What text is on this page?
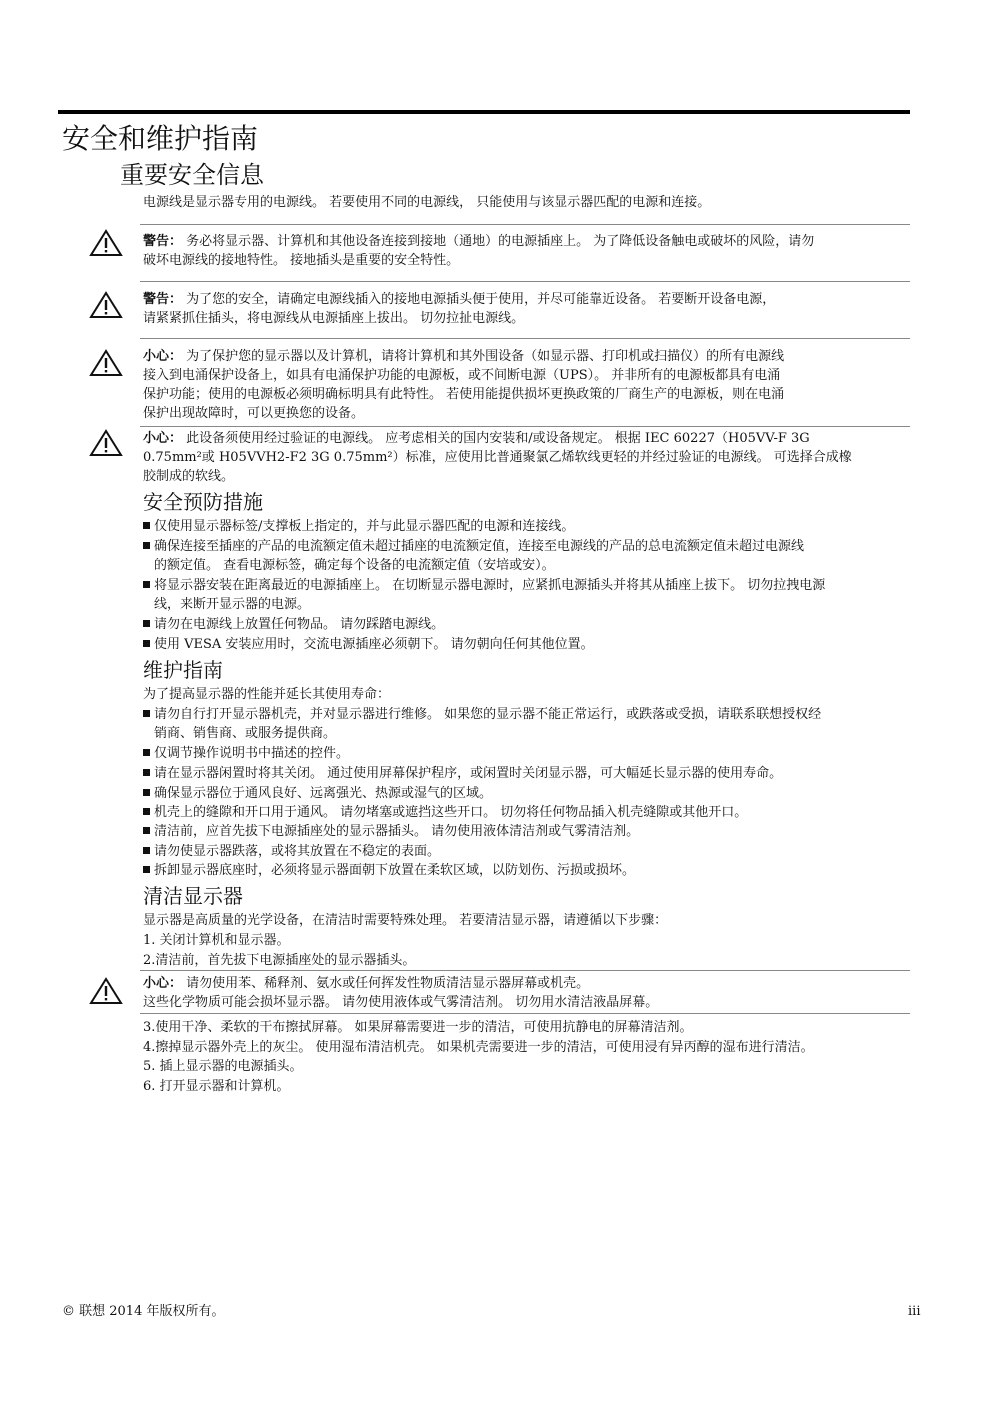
安全和维护指南
重要安全信息
电源线是显示器专用的电源线。 若要使用不同的电源线， 只能使用与该显示器匹配的电源和连接。
警告： 务必将显示器、计算机和其他设备连接到接地（通地）的电源插座上。 为了降低设备触电或破坏的风险，请勿
破坏电源线的接地特性。 接地插头是重要的安全特性。
警告： 为了您的安全，请确定电源线插入的接地电源插头便于使用，并尽可能靠近设备。 若要断开设备电源，
请紧紧抓住插头，将电源线从电源插座上拔出。 切勿拉扯电源线。
小心： 为了保护您的显示器以及计算机，请将计算机和其外围设备（如显示器、打印机或扫描仪）的所有电源线
接入到电涌保护设备上，如具有电涌保护功能的电源板，或不间断电源（UPS）。 并非所有的电源板都具有电涌
保护功能；使用的电源板必须明确标明具有此特性。 若使用能提供损坏更换政策的厂商生产的电源板，则在电涌
保护出现故障时，可以更换您的设备。
小心： 此设备须使用经过验证的电源线。 应考虑相关的国内安装和/或设备规定。 根据 IEC 60227（H05VV-F 3G
0.75mm²或 H05VVH2-F2 3G 0.75mm²）标准，应使用比普通聚氯乙烯软线更轻的并经过验证的电源线。 可选择合成橡
胶制成的软线。
安全预防措施
仅使用显示器标签/支撑板上指定的，并与此显示器匹配的电源和连接线。
确保连接至插座的产品的电流额定值未超过插座的电流额定值，连接至电源线的产品的总电流额定值未超过电源线
的额定值。 查看电源标签，确定每个设备的电流额定值（安培或安）。
将显示器安装在距离最近的电源插座上。 在切断显示器电源时，应紧抓电源插头并将其从插座上拔下。 切勿拉拽电源
线，来断开显示器的电源。
请勿在电源线上放置任何物品。 请勿踩踏电源线。
使用 VESA 安装应用时，交流电源插座必须朝下。 请勿朝向任何其他位置。
维护指南
为了提高显示器的性能并延长其使用寿命：
请勿自行打开显示器机壳，并对显示器进行维修。 如果您的显示器不能正常运行，或跌落或受损，请联系联想授权经
销商、销售商、或服务提供商。
仅调节操作说明书中描述的控件。
请在显示器闲置时将其关闭。 通过使用屏幕保护程序，或闲置时关闭显示器，可大幅延长显示器的使用寿命。
确保显示器位于通风良好、远离强光、热源或湿气的区域。
机壳上的缝隙和开口用于通风。 请勿堵塞或遮挡这些开口。 切勿将任何物品插入机壳缝隙或其他开口。
清洁前，应首先拔下电源插座处的显示器插头。 请勿使用液体清洁剂或气雾清洁剂。
请勿使显示器跌落，或将其放置在不稳定的表面。
拆卸显示器底座时，必须将显示器面朝下放置在柔软区域，以防划伤、污损或损坏。
清洁显示器
显示器是高质量的光学设备，在清洁时需要特殊处理。 若要清洁显示器，请遵循以下步骤：
1. 关闭计算机和显示器。
2.清洁前，首先拔下电源插座处的显示器插头。
小心： 请勿使用苯、稀释剂、氨水或任何挥发性物质清洁显示器屏幕或机壳。
这些化学物质可能会损坏显示器。 请勿使用液体或气雾清洁剂。 切勿用水清洁液晶屏幕。
3.使用干净、柔软的干布擦拭屏幕。 如果屏幕需要进一步的清洁，可使用抗静电的屏幕清洁剂。
4.擦掉显示器外壳上的灰尘。 使用湿布清洁机壳。 如果机壳需要进一步的清洁，可使用浸有异丙醇的湿布进行清洁。
5. 插上显示器的电源插头。
6. 打开显示器和计算机。
© 联想 2014 年版权所有。	iii
